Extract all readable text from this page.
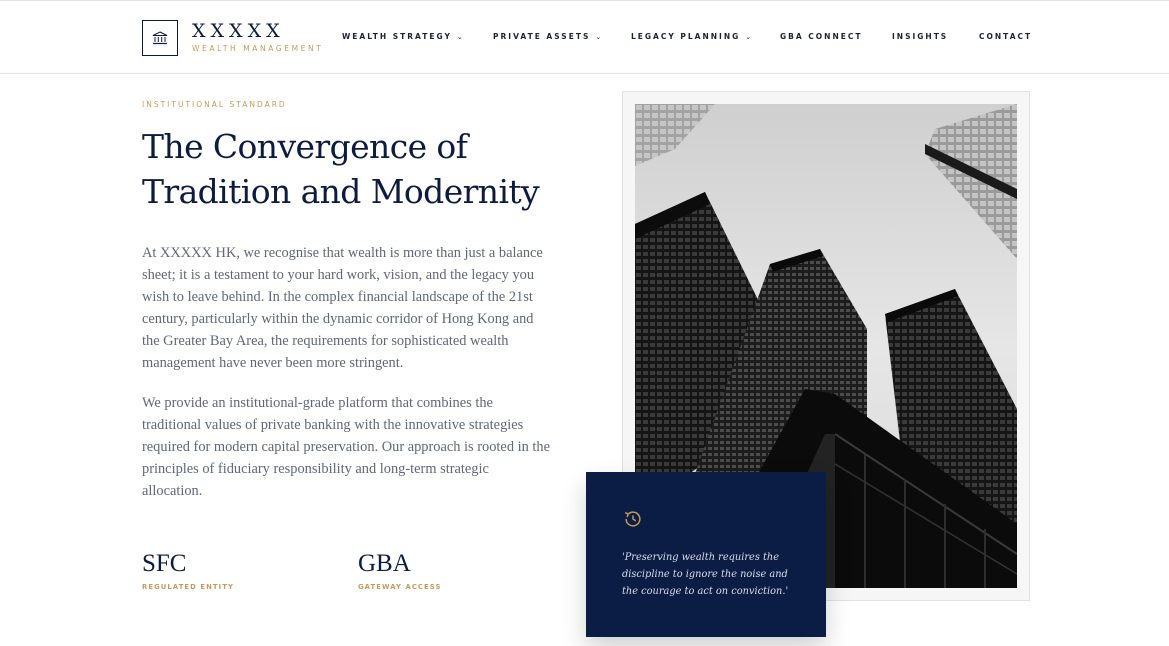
XXXXX
WEALTH MANAGEMENT
WEALTH STRATEGY ⌄	PRIVATE ASSETS ⌄	LEGACY PLANNING ⌄	GBA CONNECT	INSIGHTS	CONTACT
INSTITUTIONAL STANDARD
The Convergence of
Tradition and Modernity

At XXXXX HK, we recognise that wealth is more than just a balance sheet; it is a testament to your hard work, vision, and the legacy you wish to leave behind. In the complex financial landscape of the 21st century, particularly within the dynamic corridor of Hong Kong and the Greater Bay Area, the requirements for sophisticated wealth management have never been more stringent.

We provide an institutional-grade platform that combines the traditional values of private banking with the innovative strategies required for modern capital preservation. Our approach is rooted in the principles of fiduciary responsibility and long-term strategic allocation.

SFC
REGULATED ENTITY
GBA
GATEWAY ACCESS

'Preserving wealth requires the discipline to ignore the noise and the courage to act on conviction.'
